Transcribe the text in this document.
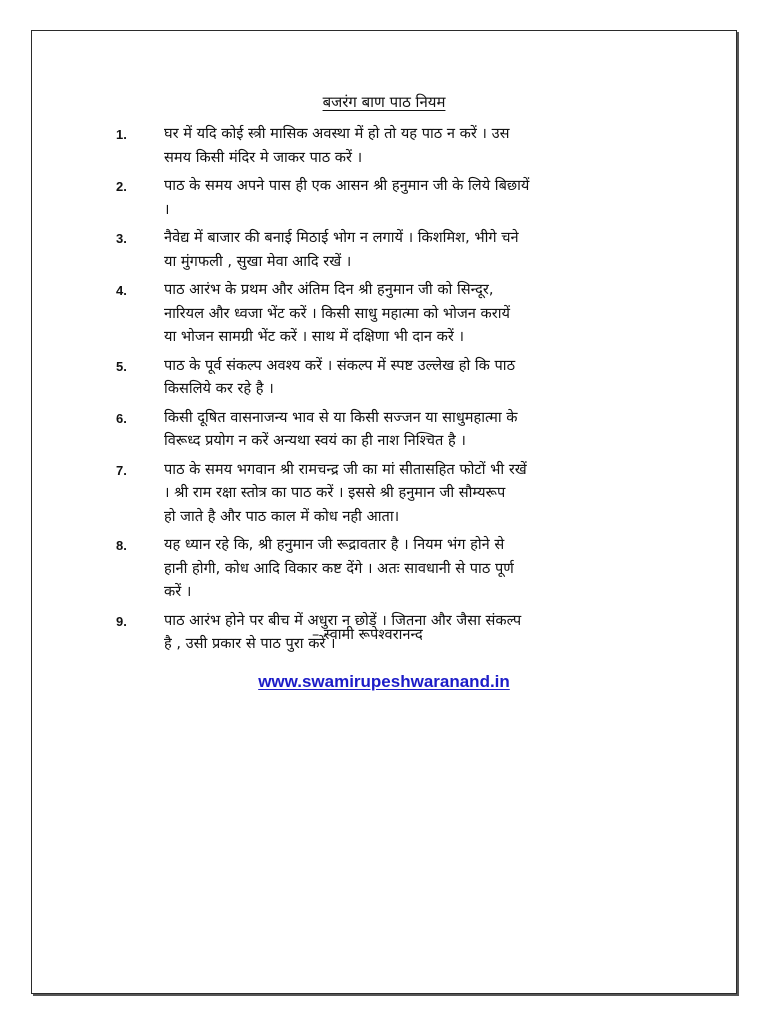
बजरंग बाण पाठ नियम
1.	घर में यदि कोई स्त्री मासिक अवस्था में हो तो यह पाठ न करें । उस
समय किसी मंदिर मे जाकर पाठ करें ।
2.	पाठ के समय अपने पास ही एक आसन श्री हनुमान जी के लिये बिछायें
।
3.	नैवेद्य में बाजार की बनाई मिठाई भोग न लगायें । किशमिश, भीगे चने
या मुंगफली , सुखा मेवा आदि रखें ।
4.	पाठ आरंभ के प्रथम और अंतिम दिन श्री हनुमान जी को सिन्दूर,
नारियल और ध्वजा भेंट करें । किसी साधु महात्मा को भोजन करायें
या भोजन सामग्री भेंट करें । साथ में दक्षिणा भी दान करें ।
5.	पाठ के पूर्व संकल्प अवश्य करें । संकल्प में स्पष्ट उल्लेख हो कि पाठ
किसलिये कर रहे है ।
6.	किसी दूषित वासनाजन्य भाव से या किसी सज्जन या साधुमहात्मा के
विरूध्द प्रयोग न करें अन्यथा स्वयं का ही नाश निश्चित है ।
7.	पाठ के समय भगवान श्री रामचन्द्र जी का मां सीतासहित फोटों भी रखें
। श्री राम रक्षा स्तोत्र का पाठ करें । इससे श्री हनुमान जी सौम्यरूप
हो जाते है और पाठ काल में कोध नही आता।
8.	यह ध्यान रहे कि, श्री हनुमान जी रूद्रावतार है । नियम भंग होने से
हानी होगी, कोध आदि विकार कष्ट देंगे । अतः सावधानी से पाठ पूर्ण
करें ।
9.	पाठ आरंभ होने पर बीच में अधुरा न छोडें । जितना और जैसा संकल्प
है , उसी प्रकार से पाठ पुरा करें ।
– स्वामी रूपेश्वरानन्द
www.swamirupeshwaranand.in
